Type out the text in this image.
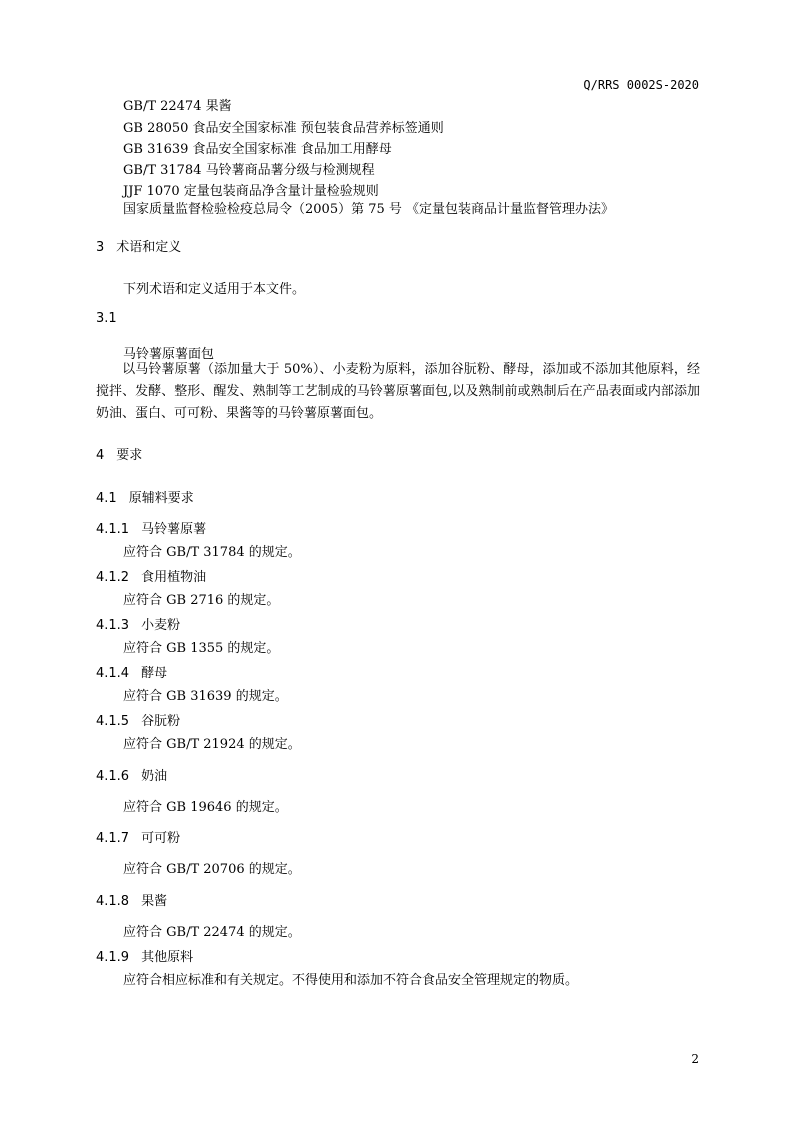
Q/RRS 0002S-2020
GB/T 22474 果酱
GB 28050 食品安全国家标准 预包装食品营养标签通则
GB 31639 食品安全国家标准 食品加工用酵母
GB/T 31784 马铃薯商品薯分级与检测规程
JJF 1070 定量包装商品净含量计量检验规则
国家质量监督检验检疫总局令（2005）第 75 号 《定量包装商品计量监督管理办法》
3 术语和定义
下列术语和定义适用于本文件。
3.1
马铃薯原薯面包
以马铃薯原薯（添加量大于 50%）、小麦粉为原料，添加谷朊粉、酵母，添加或不添加其他原料，经搅拌、发酵、整形、醒发、熟制等工艺制成的马铃薯原薯面包,以及熟制前或熟制后在产品表面或内部添加奶油、蛋白、可可粉、果酱等的马铃薯原薯面包。
4 要求
4.1 原辅料要求
4.1.1 马铃薯原薯
应符合 GB/T 31784 的规定。
4.1.2 食用植物油
应符合 GB 2716 的规定。
4.1.3 小麦粉
应符合 GB 1355 的规定。
4.1.4 酵母
应符合 GB 31639 的规定。
4.1.5 谷朊粉
应符合 GB/T 21924 的规定。
4.1.6 奶油
应符合 GB 19646 的规定。
4.1.7 可可粉
应符合 GB/T 20706 的规定。
4.1.8 果酱
应符合 GB/T 22474 的规定。
4.1.9 其他原料
应符合相应标准和有关规定。不得使用和添加不符合食品安全管理规定的物质。
2
